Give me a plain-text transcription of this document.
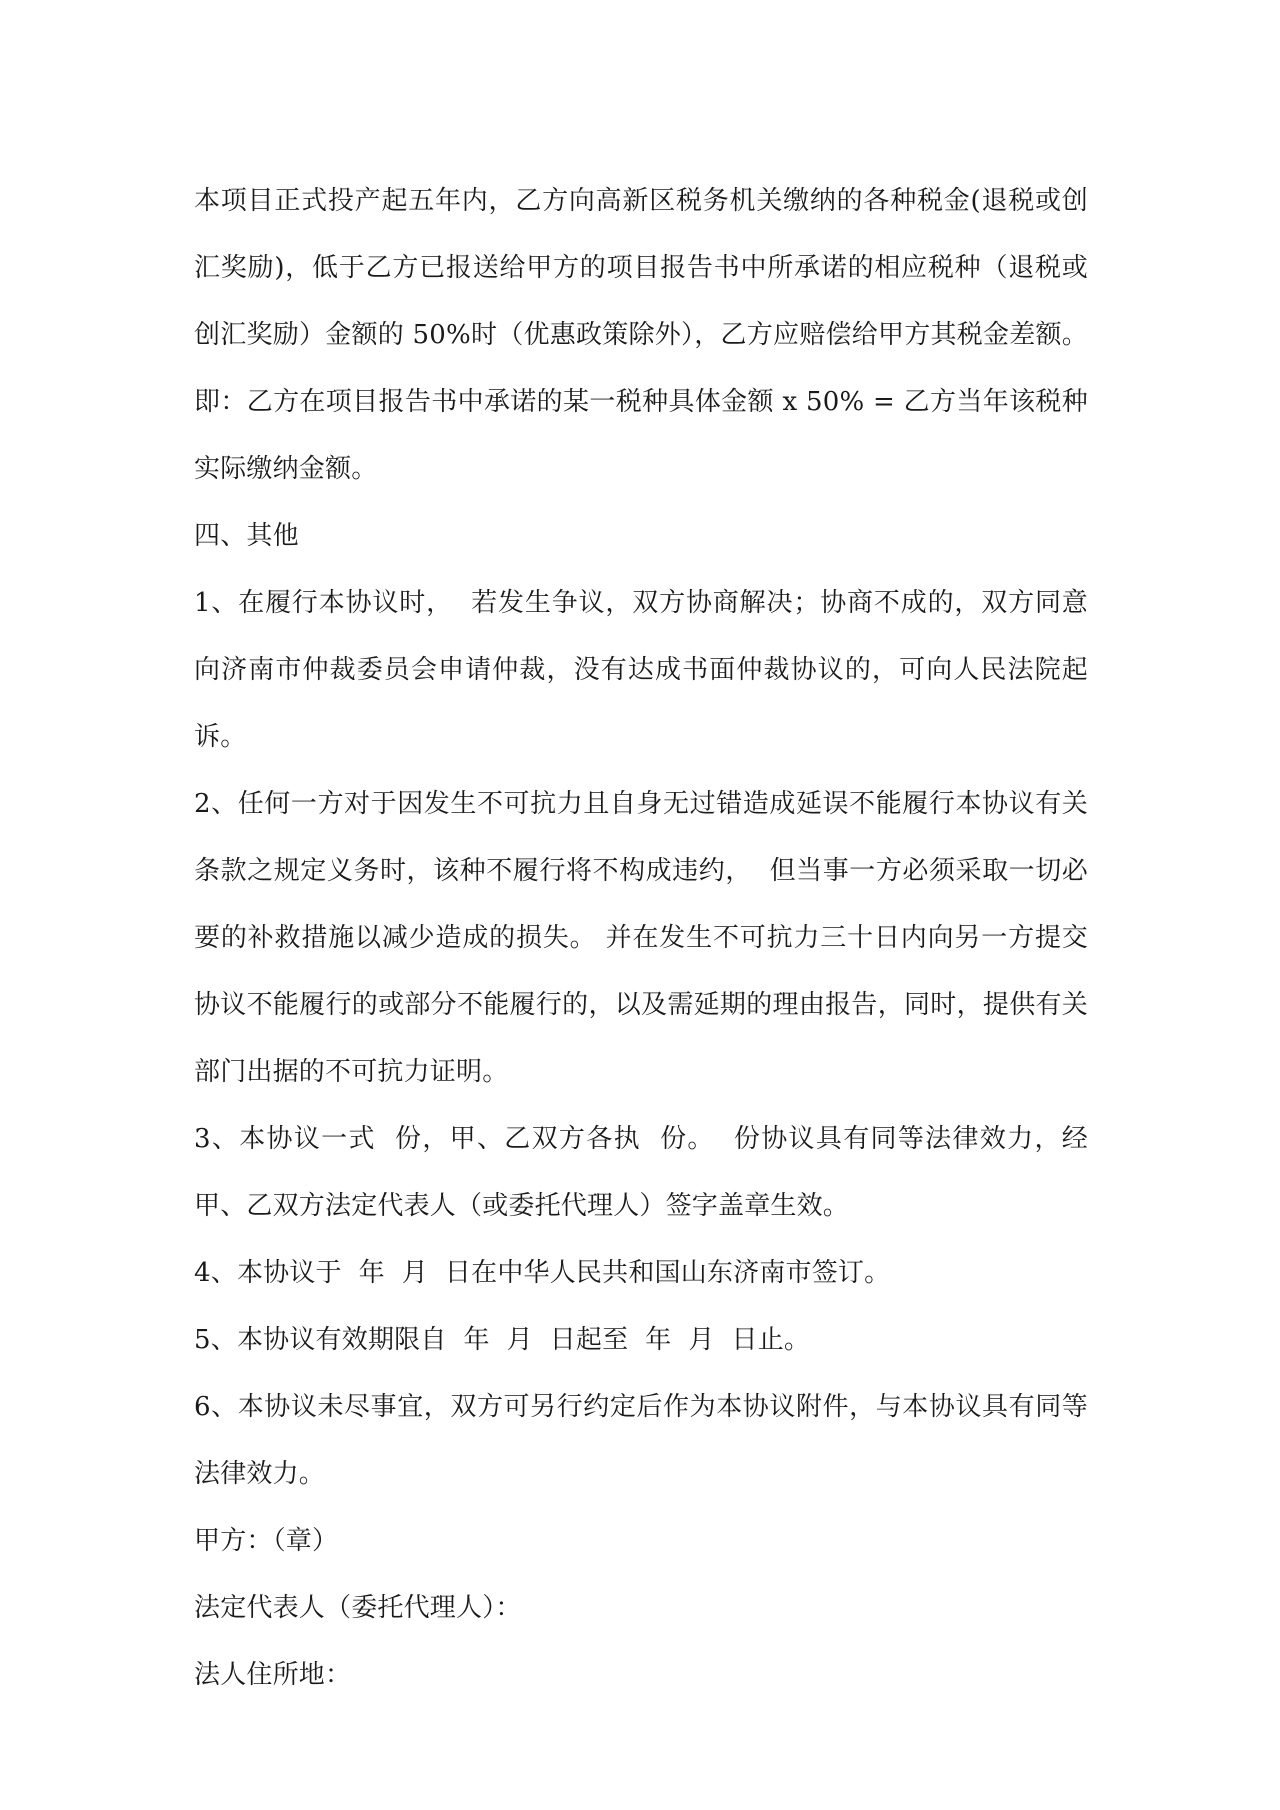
本项目正式投产起五年内，乙方向高新区税务机关缴纳的各种税金(退税或创汇奖励)，低于乙方已报送给甲方的项目报告书中所承诺的相应税种（退税或创汇奖励）金额的 50%时（优惠政策除外），乙方应赔偿给甲方其税金差额。即：乙方在项目报告书中承诺的某一税种具体金额 x 50% = 乙方当年该税种实际缴纳金额。

四、其他

1、在履行本协议时，  若发生争议，双方协商解决；协商不成的，双方同意向济南市仲裁委员会申请仲裁，没有达成书面仲裁协议的，可向人民法院起诉。

2、任何一方对于因发生不可抗力且自身无过错造成延误不能履行本协议有关条款之规定义务时，该种不履行将不构成违约，  但当事一方必须采取一切必要的补救措施以减少造成的损失。 并在发生不可抗力三十日内向另一方提交协议不能履行的或部分不能履行的，以及需延期的理由报告，同时，提供有关部门出据的不可抗力证明。

3、本协议一式  份，甲、乙双方各执  份。  份协议具有同等法律效力，经甲、乙双方法定代表人（或委托代理人）签字盖章生效。

4、本协议于  年  月  日在中华人民共和国山东济南市签订。

5、本协议有效期限自  年  月  日起至  年  月  日止。

6、本协议未尽事宜，双方可另行约定后作为本协议附件，与本协议具有同等法律效力。

甲方：（章）

法定代表人（委托代理人）：

法人住所地：
